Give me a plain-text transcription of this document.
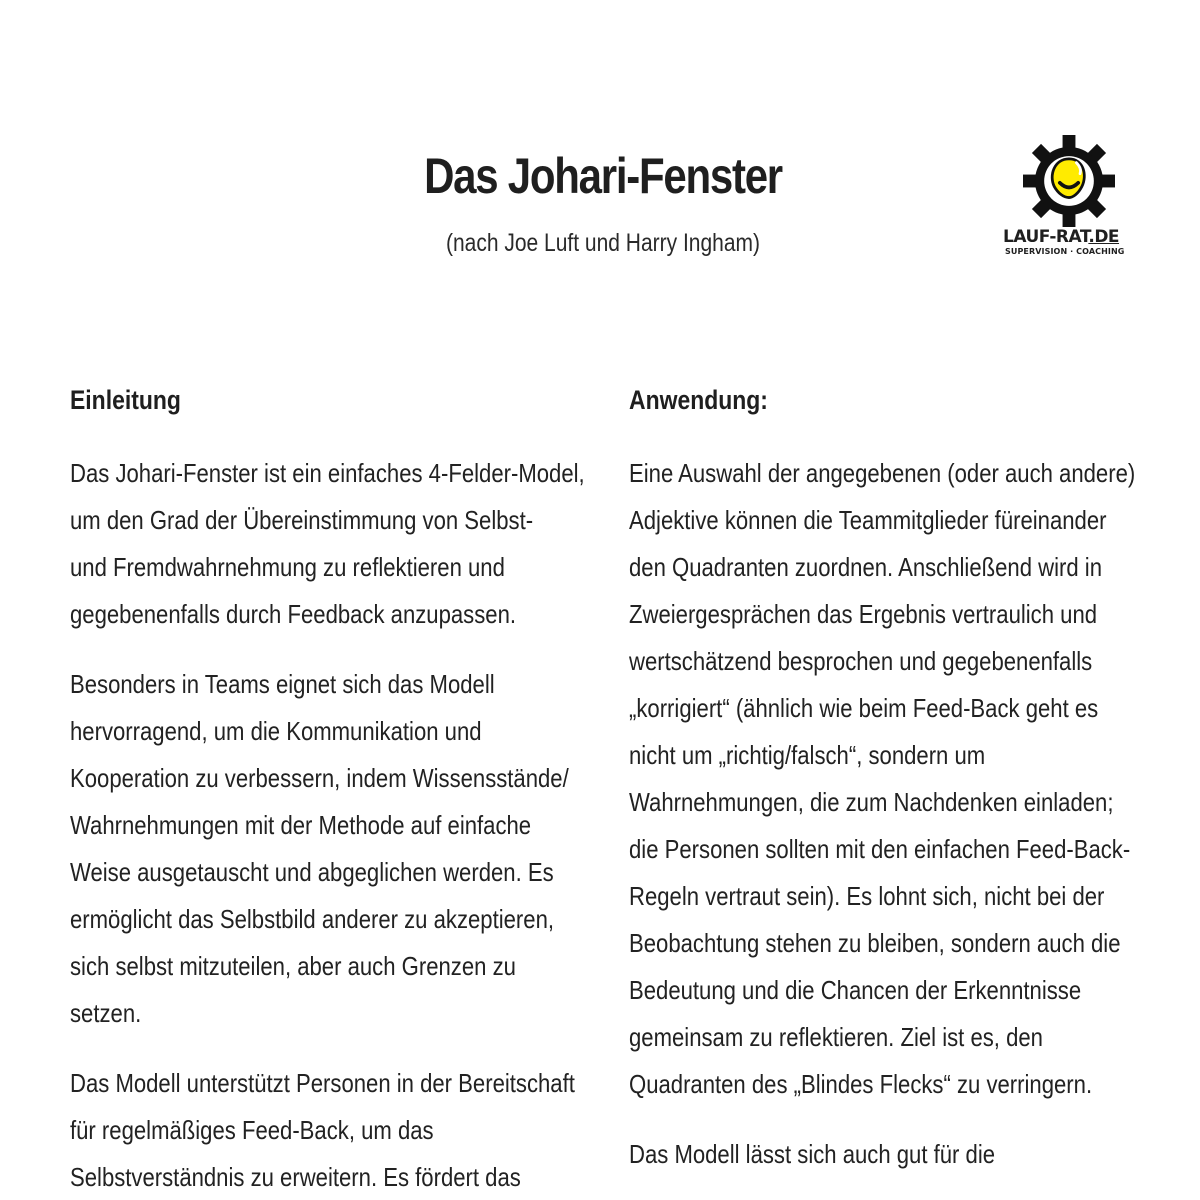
Das Johari-Fenster
(nach Joe Luft und Harry Ingham)	LAUF-RAT.DE
SUPERVISION · COACHING
Einleitung

Das Johari-Fenster ist ein einfaches 4-Felder-Model,
um den Grad der Übereinstimmung von Selbst-
und Fremdwahrnehmung zu reflektieren und
gegebenenfalls durch Feedback anzupassen.

Besonders in Teams eignet sich das Modell
hervorragend, um die Kommunikation und
Kooperation zu verbessern, indem Wissensstände/
Wahrnehmungen mit der Methode auf einfache
Weise ausgetauscht und abgeglichen werden. Es
ermöglicht das Selbstbild anderer zu akzeptieren,
sich selbst mitzuteilen, aber auch Grenzen zu
setzen.

Das Modell unterstützt Personen in der Bereitschaft
für regelmäßiges Feed-Back, um das
Selbstverständnis zu erweitern. Es fördert das

Anwendung:

Eine Auswahl der angegebenen (oder auch andere)
Adjektive können die Teammitglieder füreinander
den Quadranten zuordnen. Anschließend wird in
Zweiergesprächen das Ergebnis vertraulich und
wertschätzend besprochen und gegebenenfalls
„korrigiert“ (ähnlich wie beim Feed-Back geht es
nicht um „richtig/falsch“, sondern um
Wahrnehmungen, die zum Nachdenken einladen;
die Personen sollten mit den einfachen Feed-Back-
Regeln vertraut sein). Es lohnt sich, nicht bei der
Beobachtung stehen zu bleiben, sondern auch die
Bedeutung und die Chancen der Erkenntnisse
gemeinsam zu reflektieren. Ziel ist es, den
Quadranten des „Blindes Flecks“ zu verringern.

Das Modell lässt sich auch gut für die
